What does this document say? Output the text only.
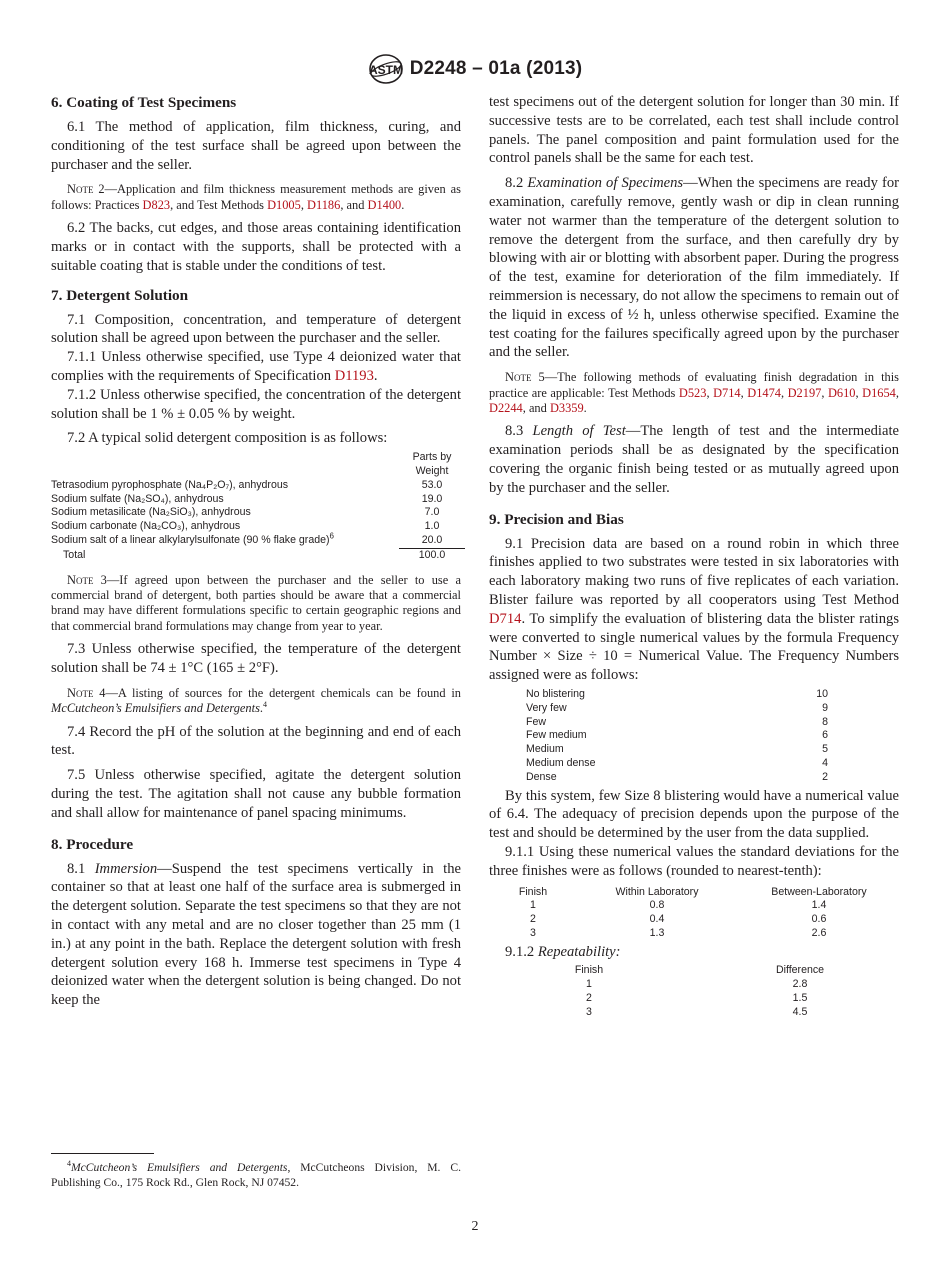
ASTM D2248 – 01a (2013)
6. Coating of Test Specimens

6.1 The method of application, film thickness, curing, and conditioning of the test surface shall be agreed upon between the purchaser and the seller.

Note 2—Application and film thickness measurement methods are given as follows: Practices D823, and Test Methods D1005, D1186, and D1400.

6.2 The backs, cut edges, and those areas containing identification marks or in contact with the supports, shall be protected with a suitable coating that is stable under the conditions of test.

7. Detergent Solution

7.1 Composition, concentration, and temperature of detergent solution shall be agreed upon between the purchaser and the seller.

7.1.1 Unless otherwise specified, use Type 4 deionized water that complies with the requirements of Specification D1193.

7.1.2 Unless otherwise specified, the concentration of the detergent solution shall be 1 % ± 0.05 % by weight.

7.2 A typical solid detergent composition is as follows:

	Parts by
Weight
Tetrasodium pyrophosphate (Na₄P₂O₇), anhydrous	53.0
Sodium sulfate (Na₂SO₄), anhydrous	19.0
Sodium metasilicate (Na₂SiO₃), anhydrous	7.0
Sodium carbonate (Na₂CO₃), anhydrous	1.0
Sodium salt of a linear alkylarylsulfonate (90 % flake grade)$^6$	20.0
Total	100.0

Note 3—If agreed upon between the purchaser and the seller to use a commercial brand of detergent, both parties should be aware that a commercial brand may have different formulations specific to certain geographic regions and that commercial brand formulations may change from year to year.

7.3 Unless otherwise specified, the temperature of the detergent solution shall be 74 ± 1°C (165 ± 2°F).

Note 4—A listing of sources for the detergent chemicals can be found in McCutcheon’s Emulsifiers and Detergents.$^4$

7.4 Record the pH of the solution at the beginning and end of each test.

7.5 Unless otherwise specified, agitate the detergent solution during the test. The agitation shall not cause any bubble formation and shall allow for maintenance of panel spacing minimums.

8. Procedure

8.1 Immersion—Suspend the test specimens vertically in the container so that at least one half of the surface area is submerged in the detergent solution. Separate the test specimens so that they are not in contact with any metal and are no closer together than 25 mm (1 in.) at any point in the bath. Replace the detergent solution with fresh detergent solution every 168 h. Immerse test specimens in Type 4 deionized water when the detergent solution is being changed. Do not keep the

$^4$McCutcheon’s Emulsifiers and Detergents, McCutcheons Division, M. C. Publishing Co., 175 Rock Rd., Glen Rock, NJ 07452.

test specimens out of the detergent solution for longer than 30 min. If successive tests are to be correlated, each test shall include control panels. The panel composition and paint formulation used for the control panels shall be the same for each test.

8.2 Examination of Specimens—When the specimens are ready for examination, carefully remove, gently wash or dip in clean running water not warmer than the temperature of the detergent solution to remove the detergent from the surface, and then carefully dry by blowing with air or blotting with absorbent paper. During the progress of the test, examine for deterioration of the film immediately. If reimmersion is necessary, do not allow the specimens to remain out of the liquid in excess of ½ h, unless otherwise specified. Examine the test coating for the failures specifically agreed upon by the purchaser and the seller.

Note 5—The following methods of evaluating finish degradation in this practice are applicable: Test Methods D523, D714, D1474, D2197, D610, D1654, D2244, and D3359.

8.3 Length of Test—The length of test and the intermediate examination periods shall be as designated by the specification covering the organic finish being tested or as mutually agreed upon by the purchaser and the seller.

9. Precision and Bias

9.1 Precision data are based on a round robin in which three finishes applied to two substrates were tested in six laboratories with each laboratory making two runs of five replicates of each variation. Blister failure was reported by all cooperators using Test Method D714. To simplify the evaluation of blistering data the blister ratings were converted to single numerical values by the formula Frequency Number × Size ÷ 10 = Numerical Value. The Frequency Numbers assigned were as follows:

No blistering	10
Very few	9
Few	8
Few medium	6
Medium	5
Medium dense	4
Dense	2

By this system, few Size 8 blistering would have a numerical value of 6.4. The adequacy of precision depends upon the purpose of the test and should be determined by the user from the data supplied.

9.1.1 Using these numerical values the standard deviations for the three finishes were as follows (rounded to nearest-tenth):

Finish	Within Laboratory	Between-Laboratory
1	0.8	1.4
2	0.4	0.6
3	1.3	2.6

9.1.2 Repeatability:

Finish	Difference
1	2.8
2	1.5
3	4.5
2
